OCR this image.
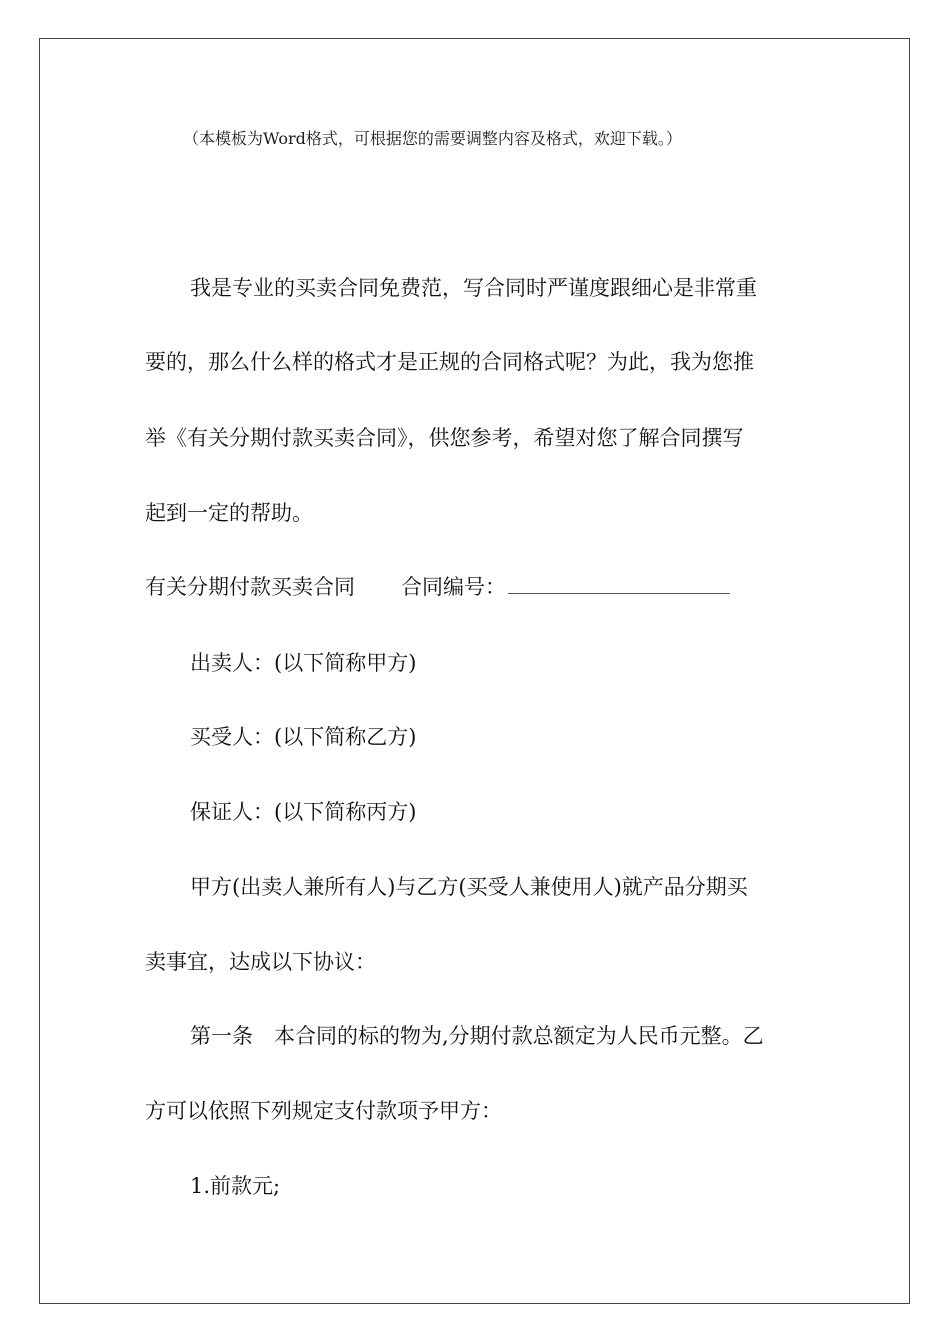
（本模板为Word格式，可根据您的需要调整内容及格式，欢迎下载。）
我是专业的买卖合同免费范，写合同时严谨度跟细心是非常重
要的，那么什么样的格式才是正规的合同格式呢？为此，我为您推
举《有关分期付款买卖合同》，供您参考，希望对您了解合同撰写
起到一定的帮助。
有关分期付款买卖合同 合同编号：
出卖人：(以下简称甲方)
买受人：(以下简称乙方)
保证人：(以下简称丙方)
甲方(出卖人兼所有人)与乙方(买受人兼使用人)就产品分期买
卖事宜，达成以下协议：
第一条　本合同的标的物为,分期付款总额定为人民币元整。乙
方可以依照下列规定支付款项予甲方：
1.前款元;
